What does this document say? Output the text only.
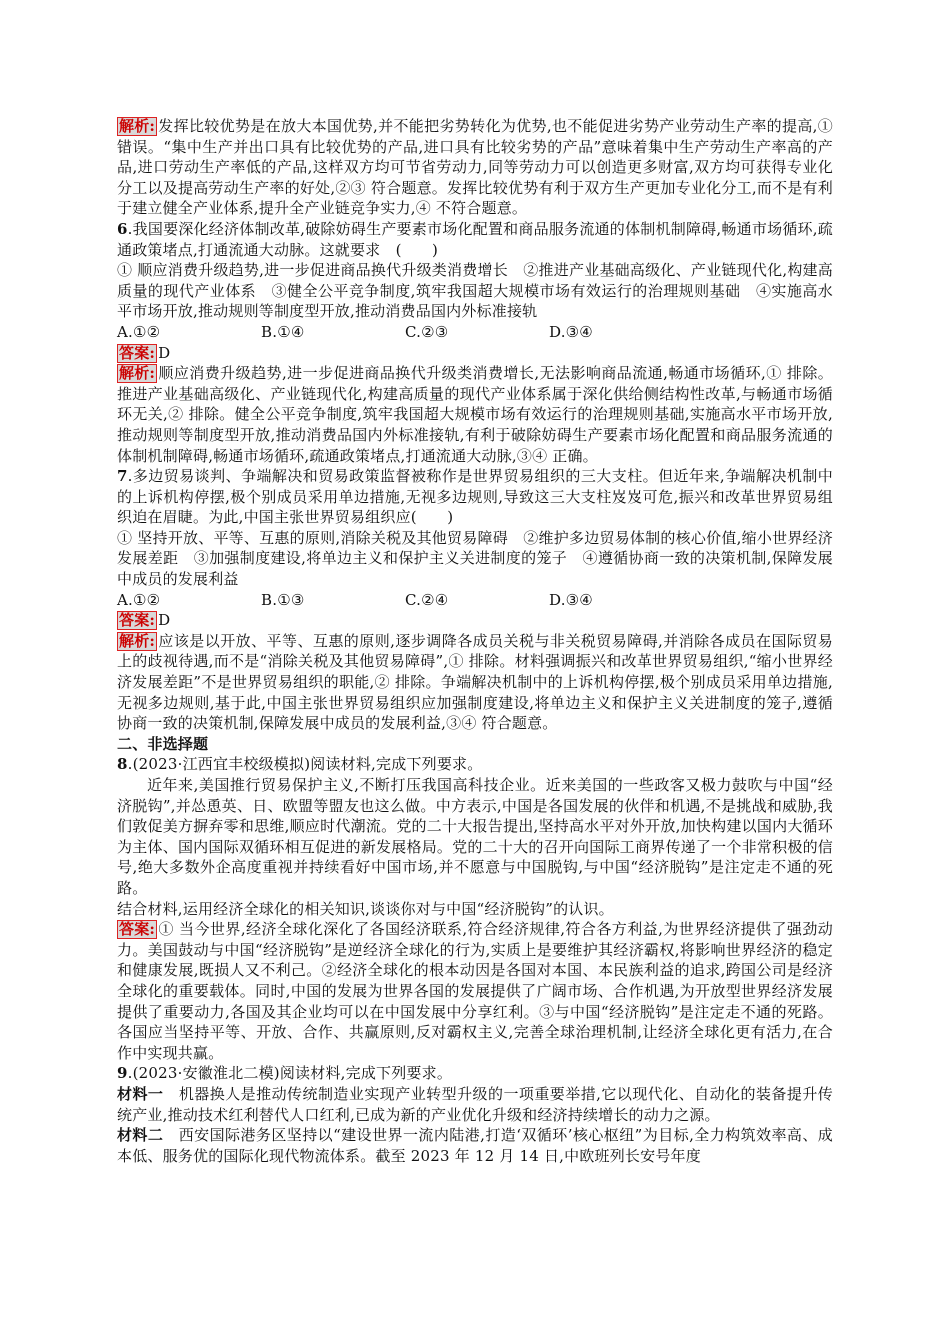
解析: 发挥比较优势是在放大本国优势,并不能把劣势转化为优势,也不能促进劣势产业劳动生产率的提高,① 错误。“集中生产并出口具有比较优势的产品,进口具有比较劣势的产品”意味着集中生产劳动生产率高的产品,进口劳动生产率低的产品,这样双方均可节省劳动力,同等劳动力可以创造更多财富,双方均可获得专业化分工以及提高劳动生产率的好处,②③ 符合题意。发挥比较优势有利于双方生产更加专业化分工,而不是有利于建立健全产业体系,提升全产业链竞争实力,④ 不符合题意。

6.我国要深化经济体制改革,破除妨碍生产要素市场化配置和商品服务流通的体制机制障碍,畅通市场循环,疏通政策堵点,打通流通大动脉。这就要求　(　　)

① 顺应消费升级趋势,进一步促进商品换代升级类消费增长　②推进产业基础高级化、产业链现代化,构建高质量的现代产业体系　③健全公平竞争制度,筑牢我国超大规模市场有效运行的治理规则基础　④实施高水平市场开放,推动规则等制度型开放,推动消费品国内外标准接轨

A.①②	B.①④	C.②③	D.③④

答案: D

解析: 顺应消费升级趋势,进一步促进商品换代升级类消费增长,无法影响商品流通,畅通市场循环,① 排除。推进产业基础高级化、产业链现代化,构建高质量的现代产业体系属于深化供给侧结构性改革,与畅通市场循环无关,② 排除。健全公平竞争制度,筑牢我国超大规模市场有效运行的治理规则基础,实施高水平市场开放,推动规则等制度型开放,推动消费品国内外标准接轨,有利于破除妨碍生产要素市场化配置和商品服务流通的体制机制障碍,畅通市场循环,疏通政策堵点,打通流通大动脉,③④ 正确。

7.多边贸易谈判、争端解决和贸易政策监督被称作是世界贸易组织的三大支柱。但近年来,争端解决机制中的上诉机构停摆,极个别成员采用单边措施,无视多边规则,导致这三大支柱岌岌可危,振兴和改革世界贸易组织迫在眉睫。为此,中国主张世界贸易组织应(　　)

① 坚持开放、平等、互惠的原则,消除关税及其他贸易障碍　②维护多边贸易体制的核心价值,缩小世界经济发展差距　③加强制度建设,将单边主义和保护主义关进制度的笼子　④遵循协商一致的决策机制,保障发展中成员的发展利益

A.①②	B.①③	C.②④	D.③④

答案: D

解析: 应该是以开放、平等、互惠的原则,逐步调降各成员关税与非关税贸易障碍,并消除各成员在国际贸易上的歧视待遇,而不是“消除关税及其他贸易障碍”,① 排除。材料强调振兴和改革世界贸易组织,“缩小世界经济发展差距”不是世界贸易组织的职能,② 排除。争端解决机制中的上诉机构停摆,极个别成员采用单边措施,无视多边规则,基于此,中国主张世界贸易组织应加强制度建设,将单边主义和保护主义关进制度的笼子,遵循协商一致的决策机制,保障发展中成员的发展利益,③④ 符合题意。

二、非选择题

8.(2023·江西宜丰校级模拟)阅读材料,完成下列要求。

近年来,美国推行贸易保护主义,不断打压我国高科技企业。近来美国的一些政客又极力鼓吹与中国“经济脱钩”,并怂恿英、日、欧盟等盟友也这么做。中方表示,中国是各国发展的伙伴和机遇,不是挑战和威胁,我们敦促美方摒弃零和思维,顺应时代潮流。党的二十大报告提出,坚持高水平对外开放,加快构建以国内大循环为主体、国内国际双循环相互促进的新发展格局。党的二十大的召开向国际工商界传递了一个非常积极的信号,绝大多数外企高度重视并持续看好中国市场,并不愿意与中国脱钩,与中国“经济脱钩”是注定走不通的死路。

结合材料,运用经济全球化的相关知识,谈谈你对与中国“经济脱钩”的认识。

答案: ① 当今世界,经济全球化深化了各国经济联系,符合经济规律,符合各方利益,为世界经济提供了强劲动力。美国鼓动与中国“经济脱钩”是逆经济全球化的行为,实质上是要维护其经济霸权,将影响世界经济的稳定和健康发展,既损人又不利己。②经济全球化的根本动因是各国对本国、本民族利益的追求,跨国公司是经济全球化的重要载体。同时,中国的发展为世界各国的发展提供了广阔市场、合作机遇,为开放型世界经济发展提供了重要动力,各国及其企业均可以在中国发展中分享红利。③与中国“经济脱钩”是注定走不通的死路。各国应当坚持平等、开放、合作、共赢原则,反对霸权主义,完善全球治理机制,让经济全球化更有活力,在合作中实现共赢。

9.(2023·安徽淮北二模)阅读材料,完成下列要求。

材料一　 机器换人是推动传统制造业实现产业转型升级的一项重要举措,它以现代化、自动化的装备提升传统产业,推动技术红利替代人口红利,已成为新的产业优化升级和经济持续增长的动力之源。

材料二　 西安国际港务区坚持以“建设世界一流内陆港,打造‘双循环’核心枢纽”为目标,全力构筑效率高、成本低、服务优的国际化现代物流体系。截至 2023 年 12 月 14 日,中欧班列长安号年度
